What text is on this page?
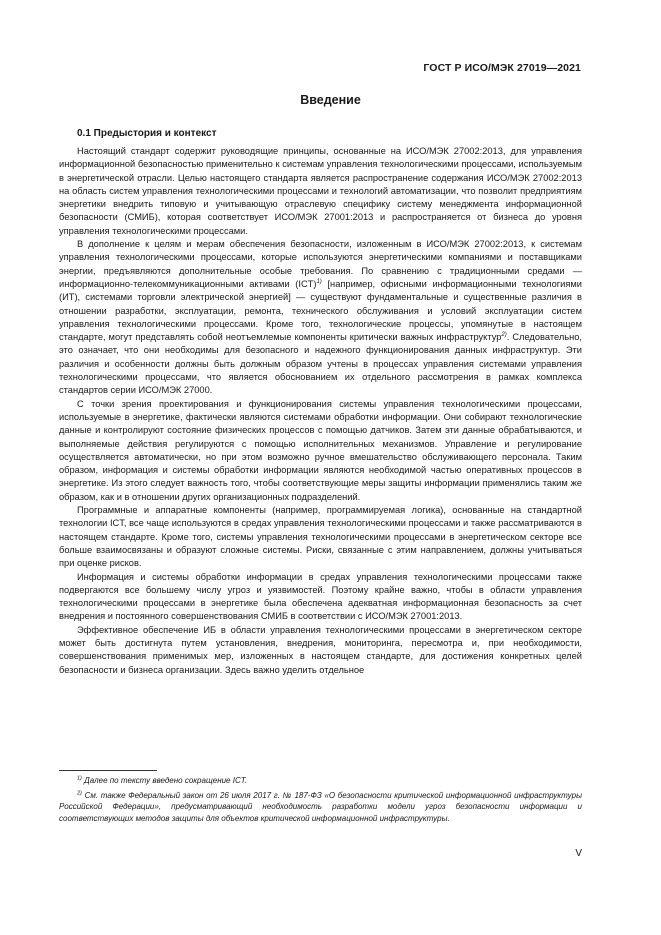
ГОСТ Р ИСО/МЭК 27019—2021
Введение
0.1 Предыстория и контекст

Настоящий стандарт содержит руководящие принципы, основанные на ИСО/МЭК 27002:2013, для управления информационной безопасностью применительно к системам управления технологическими процессами, используемым в энергетической отрасли. Целью настоящего стандарта является распространение содержания ИСО/МЭК 27002:2013 на область систем управления технологическими процессами и технологий автоматизации, что позволит предприятиям энергетики внедрить типовую и учитывающую отраслевую специфику систему менеджмента информационной безопасности (СМИБ), которая соответствует ИСО/МЭК 27001:2013 и распространяется от бизнеса до уровня управления технологическими процессами.

В дополнение к целям и мерам обеспечения безопасности, изложенным в ИСО/МЭК 27002:2013, к системам управления технологическими процессами, которые используются энергетическими компаниями и поставщиками энергии, предъявляются дополнительные особые требования. По сравнению с традиционными средами — информационно-телекоммуникационными активами (ICT)$^{1)}$ [например, офисными информационными технологиями (ИТ), системами торговли электрической энергией] — существуют фундаментальные и существенные различия в отношении разработки, эксплуатации, ремонта, технического обслуживания и условий эксплуатации систем управления технологическими процессами. Кроме того, технологические процессы, упомянутые в настоящем стандарте, могут представлять собой неотъемлемые компоненты критически важных инфраструктур$^{2)}$. Следовательно, это означает, что они необходимы для безопасного и надежного функционирования данных инфраструктур. Эти различия и особенности должны быть должным образом учтены в процессах управления системами управления технологическими процессами, что является обоснованием их отдельного рассмотрения в рамках комплекса стандартов серии ИСО/МЭК 27000.

С точки зрения проектирования и функционирования системы управления технологическими процессами, используемые в энергетике, фактически являются системами обработки информации. Они собирают технологические данные и контролируют состояние физических процессов с помощью датчиков. Затем эти данные обрабатываются, и выполняемые действия регулируются с помощью исполнительных механизмов. Управление и регулирование осуществляется автоматически, но при этом возможно ручное вмешательство обслуживающего персонала. Таким образом, информация и системы обработки информации являются необходимой частью оперативных процессов в энергетике. Из этого следует важность того, чтобы соответствующие меры защиты информации применялись таким же образом, как и в отношении других организационных подразделений.

Программные и аппаратные компоненты (например, программируемая логика), основанные на стандартной технологии ICT, все чаще используются в средах управления технологическими процессами и также рассматриваются в настоящем стандарте. Кроме того, системы управления технологическими процессами в энергетическом секторе все больше взаимосвязаны и образуют сложные системы. Риски, связанные с этим направлением, должны учитываться при оценке рисков.

Информация и системы обработки информации в средах управления технологическими процессами также подвергаются все большему числу угроз и уязвимостей. Поэтому крайне важно, чтобы в области управления технологическими процессами в энергетике была обеспечена адекватная информационная безопасность за счет внедрения и постоянного совершенствования СМИБ в соответствии с ИСО/МЭК 27001:2013.

Эффективное обеспечение ИБ в области управления технологическими процессами в энергетическом секторе может быть достигнута путем установления, внедрения, мониторинга, пересмотра и, при необходимости, совершенствования применимых мер, изложенных в настоящем стандарте, для достижения конкретных целей безопасности и бизнеса организации. Здесь важно уделить отдельное

$^{1)}$ Далее по тексту введено сокращение ICT.

$^{2)}$ См. также Федеральный закон от 26 июля 2017 г. № 187-ФЗ «О безопасности критической информационной инфраструктуры Российской Федерации», предусматривающий необходимость разработки модели угроз безопасности информации и соответствующих методов защиты для объектов критической информационной инфраструктуры.

V
